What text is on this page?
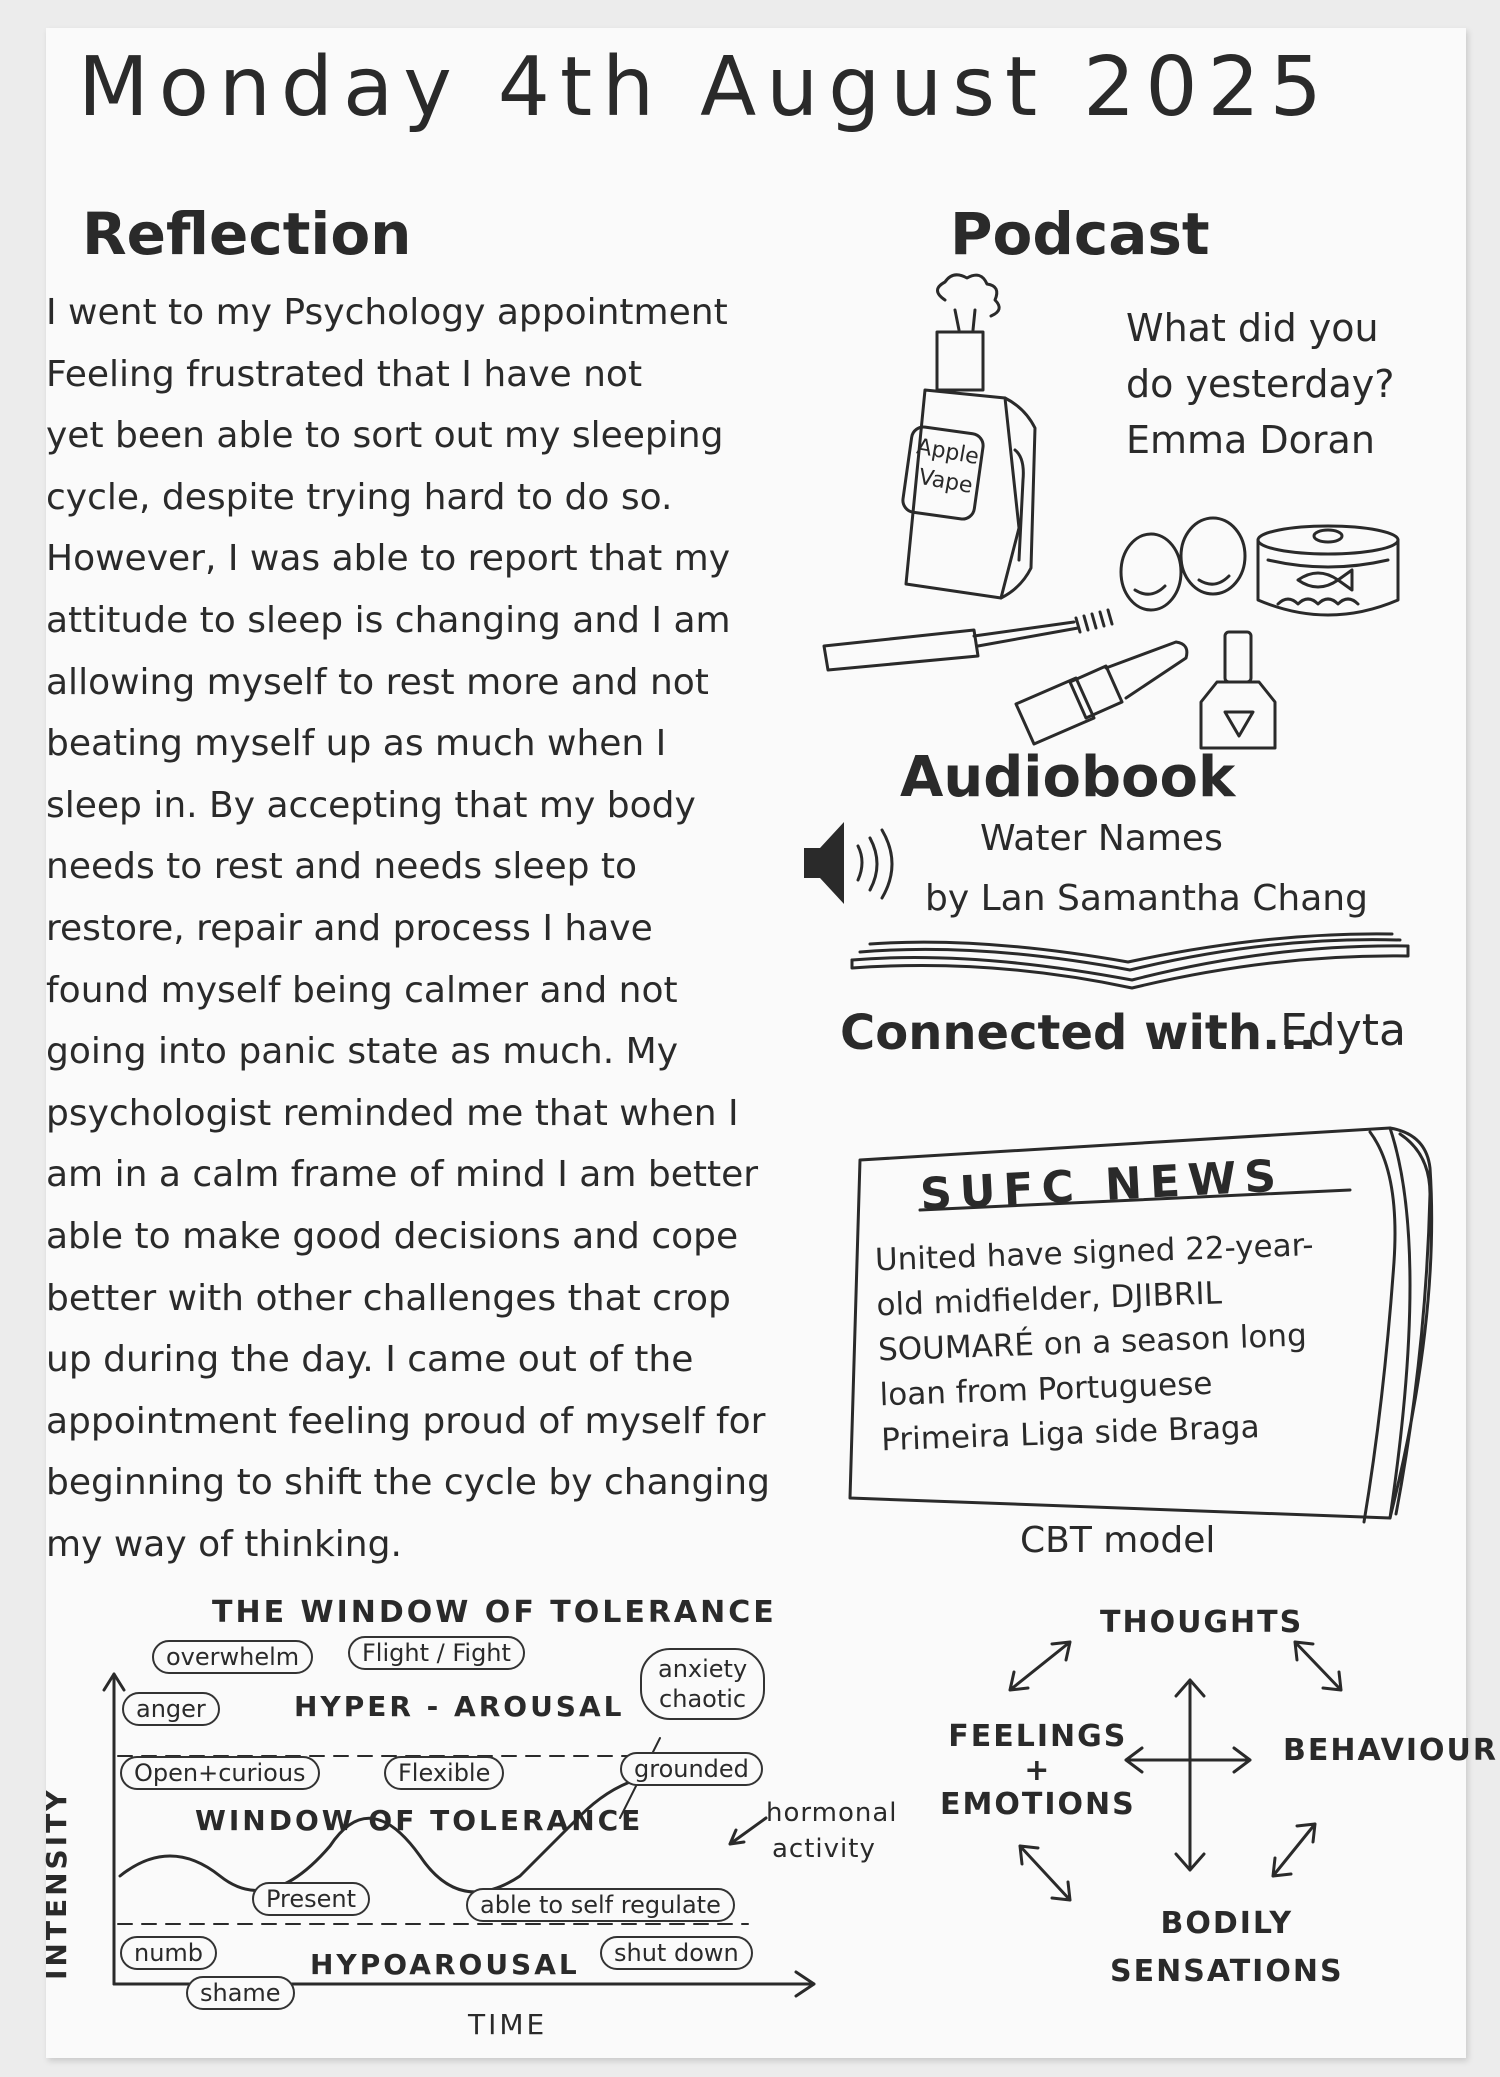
Monday 4th August 2025
Reflection
I went to my Psychology appointment
Feeling frustrated that I have not
yet been able to sort out my sleeping
cycle, despite trying hard to do so.
However, I was able to report that my
attitude to sleep is changing and I am
allowing myself to rest more and not
beating myself up as much when I
sleep in. By accepting that my body
needs to rest and needs sleep to
restore, repair and process I have
found myself being calmer and not
going into panic state as much. My
psychologist reminded me that when I
am in a calm frame of mind I am better
able to make good decisions and cope
better with other challenges that crop
up during the day. I came out of the
appointment feeling proud of myself for
beginning to shift the cycle by changing
my way of thinking.
Podcast
What did you
do yesterday?
Emma Doran
Apple
Vape
Audiobook
Water Names
by Lan Samantha Chang
Connected with...
Edyta
SUFC NEWS
United have signed 22-year-
old midfielder, DJIBRIL
SOUMARÉ on a season long
loan from Portuguese
Primeira Liga side Braga
CBT model
THOUGHTS
FEELINGS
+
EMOTIONS
BEHAVIOUR
BODILY
SENSATIONS
THE WINDOW OF TOLERANCE
HYPER - AROUSAL
WINDOW OF TOLERANCE
HYPOAROUSAL
hormonal
activity
INTENSITY
TIME
overwhelm	Flight / Fight
anger
anxiety
chaotic
Open+curious	Flexible	grounded
Present	able to self regulate
numb
shame
shut down
